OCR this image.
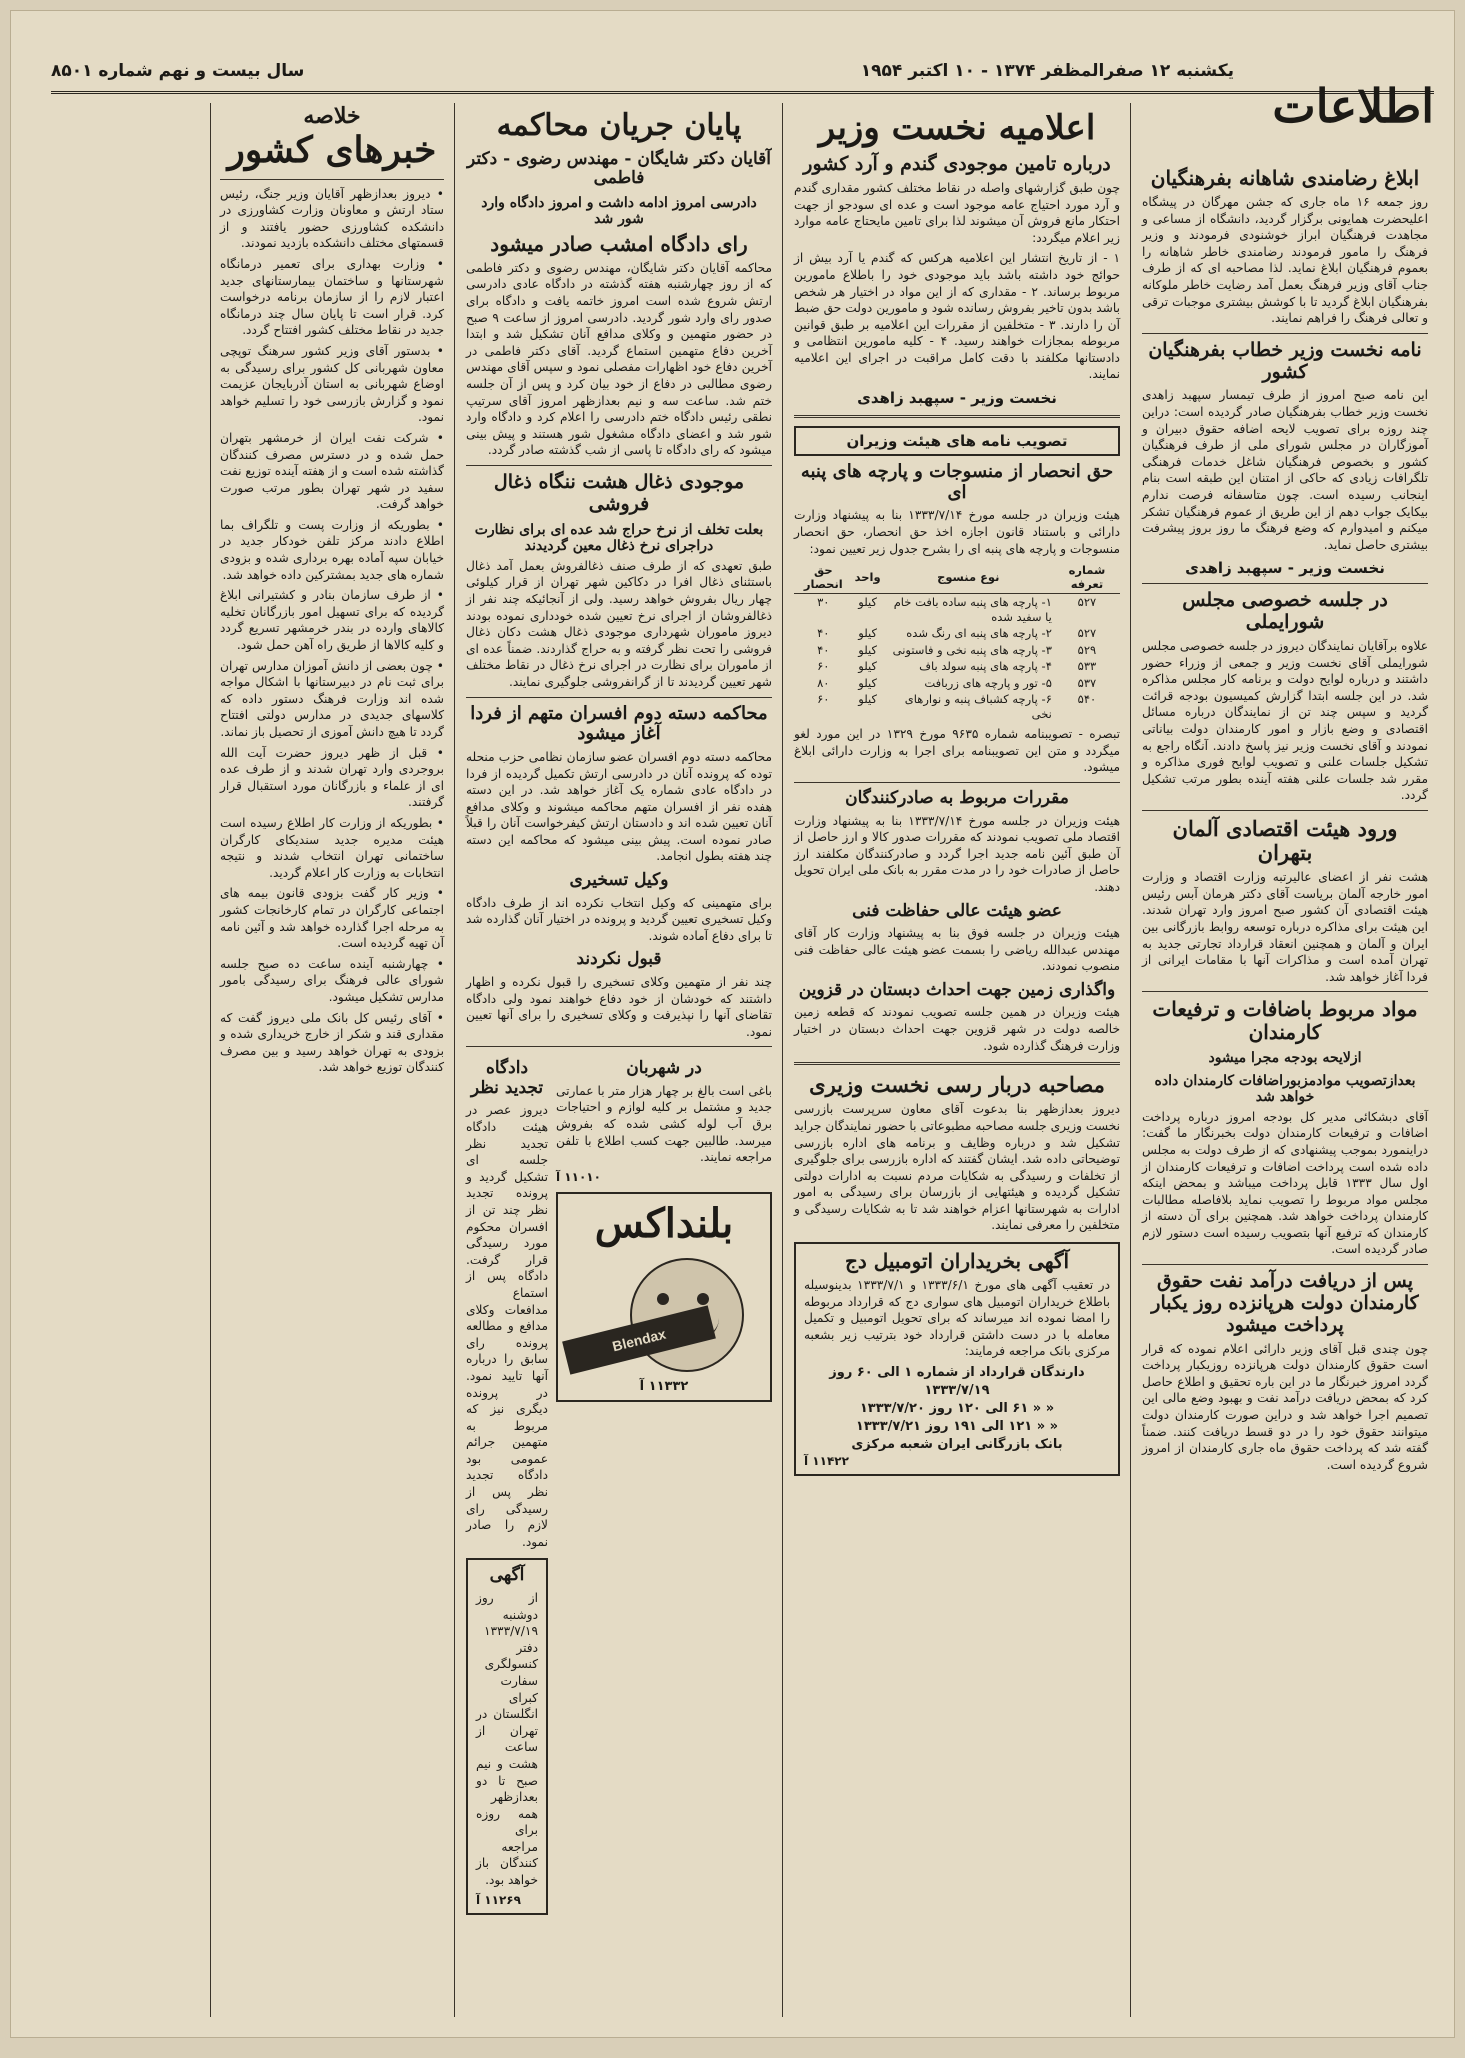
اطلاعات
یکشنبه ۱۲ صفرالمظفر ۱۳۷۴ - ۱۰ اکتبر ۱۹۵۴
سال بیست و نهم شماره ۸۵۰۱
ابلاغ رضامندی شاهانه بفرهنگیان

روز جمعه ۱۶ ماه جاری که جشن مهرگان در پیشگاه اعلیحضرت همایونی برگزار گردید، دانشگاه از مساعی و مجاهدت فرهنگیان ابراز خوشنودی فرمودند و وزیر فرهنگ را مامور فرمودند رضامندی خاطر شاهانه را بعموم فرهنگیان ابلاغ نماید. لذا مصاحبه ای که از طرف جناب آقای وزیر فرهنگ بعمل آمد رضایت خاطر ملوکانه بفرهنگیان ابلاغ گردید تا با کوشش بیشتری موجبات ترقی و تعالی فرهنگ را فراهم نمایند.

نامه نخست وزیر خطاب بفرهنگیان کشور

این نامه صبح امروز از طرف تیمسار سپهبد زاهدی نخست وزیر خطاب بفرهنگیان صادر گردیده است: دراین چند روزه برای تصویب لایحه اضافه حقوق دبیران و آموزگاران در مجلس شورای ملی از طرف فرهنگیان کشور و بخصوص فرهنگیان شاغل خدمات فرهنگی تلگرافات زیادی که حاکی از امتنان این طبقه است بنام اینجانب رسیده است. چون متاسفانه فرصت ندارم بیکایک جواب دهم از این طریق از عموم فرهنگیان تشکر میکنم و امیدوارم که وضع فرهنگ ما روز بروز پیشرفت بیشتری حاصل نماید.

نخست وزیر - سپهبد زاهدی
در جلسه خصوصی مجلس شورایملی

علاوه برآقایان نمایندگان دیروز در جلسه خصوصی مجلس شورایملی آقای نخست وزیر و جمعی از وزراء حضور داشتند و درباره لوایح دولت و برنامه کار مجلس مذاکره شد. در این جلسه ابتدا گزارش کمیسیون بودجه قرائت گردید و سپس چند تن از نمایندگان درباره مسائل اقتصادی و وضع بازار و امور کارمندان دولت بیاناتی نمودند و آقای نخست وزیر نیز پاسخ دادند. آنگاه راجع به تشکیل جلسات علنی و تصویب لوایح فوری مذاکره و مقرر شد جلسات علنی هفته آینده بطور مرتب تشکیل گردد.

ورود هیئت اقتصادی آلمان بتهران

هشت نفر از اعضای عالیرتبه وزارت اقتصاد و وزارت امور خارجه آلمان بریاست آقای دکتر هرمان آبس رئیس هیئت اقتصادی آن کشور صبح امروز وارد تهران شدند. این هیئت برای مذاکره درباره توسعه روابط بازرگانی بین ایران و آلمان و همچنین انعقاد قرارداد تجارتی جدید به تهران آمده است و مذاکرات آنها با مقامات ایرانی از فردا آغاز خواهد شد.

مواد مربوط باضافات و ترفیعات کارمندان
ازلایحه بودجه مجرا میشود
بعدازتصویب موادمزبوراضافات کارمندان داده خواهد شد

آقای دبشکائی مدیر کل بودجه امروز درباره پرداخت اضافات و ترفیعات کارمندان دولت بخبرنگار ما گفت: دراینمورد بموجب پیشنهادی که از طرف دولت به مجلس داده شده است پرداخت اضافات و ترفیعات کارمندان از اول سال ۱۳۳۳ قابل پرداخت میباشد و بمحض اینکه مجلس مواد مربوط را تصویب نماید بلافاصله مطالبات کارمندان پرداخت خواهد شد. همچنین برای آن دسته از کارمندان که ترفیع آنها بتصویب رسیده است دستور لازم صادر گردیده است.

پس از دریافت درآمد نفت حقوق کارمندان دولت هرپانزده روز یکبار پرداخت میشود

چون چندی قبل آقای وزیر دارائی اعلام نموده که قرار است حقوق کارمندان دولت هرپانزده روزیکبار پرداخت گردد امروز خبرنگار ما در این باره تحقیق و اطلاع حاصل کرد که بمحض دریافت درآمد نفت و بهبود وضع مالی این تصمیم اجرا خواهد شد و دراین صورت کارمندان دولت میتوانند حقوق خود را در دو قسط دریافت کنند. ضمناً گفته شد که پرداخت حقوق ماه جاری کارمندان از امروز شروع گردیده است.

اعلامیه نخست وزیر
درباره تامین موجودی گندم و آرد کشور

چون طبق گزارشهای واصله در نقاط مختلف کشور مقداری گندم و آرد مورد احتیاج عامه موجود است و عده ای سودجو از جهت احتکار مانع فروش آن میشوند لذا برای تامین مایحتاج عامه موارد زیر اعلام میگردد:

۱ - از تاریخ انتشار این اعلامیه هرکس که گندم یا آرد بیش از حوائج خود داشته باشد باید موجودی خود را باطلاع مامورین مربوط برساند. ۲ - مقداری که از این مواد در اختیار هر شخص باشد بدون تاخیر بفروش رسانده شود و مامورین دولت حق ضبط آن را دارند. ۳ - متخلفین از مقررات این اعلامیه بر طبق قوانین مربوطه بمجازات خواهند رسید. ۴ - کلیه مامورین انتظامی و دادستانها مکلفند با دقت کامل مراقبت در اجرای این اعلامیه نمایند.

نخست وزیر - سپهبد زاهدی
تصویب نامه های هیئت وزیران
حق انحصار از منسوجات و پارچه های پنبه ای

هیئت وزیران در جلسه مورخ ۱۳۳۳/۷/۱۴ بنا به پیشنهاد وزارت دارائی و باستناد قانون اجازه اخذ حق انحصار، حق انحصار منسوجات و پارچه های پنبه ای را بشرح جدول زیر تعیین نمود:

شماره تعرفه	نوع منسوج	واحد	حق انحصار
۵۲۷	۱- پارچه های پنبه ساده بافت خام یا سفید شده	کیلو	۳۰
۵۲۷	۲- پارچه های پنبه ای رنگ شده	کیلو	۴۰
۵۲۹	۳- پارچه های پنبه نخی و فاستونی	کیلو	۴۰
۵۳۳	۴- پارچه های پنبه سولد باف	کیلو	۶۰
۵۳۷	۵- تور و پارچه های زربافت	کیلو	۸۰
۵۴۰	۶- پارچه کشباف پنبه و نوارهای نخی	کیلو	۶۰

تبصره - تصویبنامه شماره ۹۶۳۵ مورخ ۱۳۲۹ در این مورد لغو میگردد و متن این تصویبنامه برای اجرا به وزارت دارائی ابلاغ میشود.

مقررات مربوط به صادرکنندگان

هیئت وزیران در جلسه مورخ ۱۳۳۳/۷/۱۴ بنا به پیشنهاد وزارت اقتصاد ملی تصویب نمودند که مقررات صدور کالا و ارز حاصل از آن طبق آئین نامه جدید اجرا گردد و صادرکنندگان مکلفند ارز حاصل از صادرات خود را در مدت مقرر به بانک ملی ایران تحویل دهند.

عضو هیئت عالی حفاظت فنی

هیئت وزیران در جلسه فوق بنا به پیشنهاد وزارت کار آقای مهندس عبدالله ریاضی را بسمت عضو هیئت عالی حفاظت فنی منصوب نمودند.

واگذاری زمین جهت احداث دبستان در قزوین

هیئت وزیران در همین جلسه تصویب نمودند که قطعه زمین خالصه دولت در شهر قزوین جهت احداث دبستان در اختیار وزارت فرهنگ گذارده شود.

مصاحبه دربار رسی نخست وزیری

دیروز بعدازظهر بنا بدعوت آقای معاون سرپرست بازرسی نخست وزیری جلسه مصاحبه مطبوعاتی با حضور نمایندگان جراید تشکیل شد و درباره وظایف و برنامه های اداره بازرسی توضیحاتی داده شد. ایشان گفتند که اداره بازرسی برای جلوگیری از تخلفات و رسیدگی به شکایات مردم نسبت به ادارات دولتی تشکیل گردیده و هیئتهایی از بازرسان برای رسیدگی به امور ادارات به شهرستانها اعزام خواهند شد تا به شکایات رسیدگی و متخلفین را معرفی نمایند.

آگهی بخریداران اتومبیل دج

در تعقیب آگهی های مورخ ۱۳۳۳/۶/۱ و ۱۳۳۳/۷/۱ بدینوسیله باطلاع خریداران اتومبیل های سواری دج که قرارداد مربوطه را امضا نموده اند میرساند که برای تحویل اتومبیل و تکمیل معامله با در دست داشتن قرارداد خود بترتیب زیر بشعبه مرکزی بانک مراجعه فرمایند:

دارندگان قرارداد از شماره ۱ الی ۶۰ روز ۱۳۳۳/۷/۱۹
« « ۶۱ الی ۱۲۰ روز ۱۳۳۳/۷/۲۰
« « ۱۲۱ الی ۱۹۱ روز ۱۳۳۳/۷/۲۱
بانک بازرگانی ایران شعبه مرکزی
۱۱۴۲۲ آ
پایان جریان محاکمه
آقایان دکتر شایگان - مهندس رضوی - دکتر فاطمی
دادرسی امروز ادامه داشت و امروز دادگاه وارد شور شد
رای دادگاه امشب صادر میشود

محاکمه آقایان دکتر شایگان، مهندس رضوی و دکتر فاطمی که از روز چهارشنبه هفته گذشته در دادگاه عادی دادرسی ارتش شروع شده است امروز خاتمه یافت و دادگاه برای صدور رای وارد شور گردید. دادرسی امروز از ساعت ۹ صبح در حضور متهمین و وکلای مدافع آنان تشکیل شد و ابتدا آخرین دفاع متهمین استماع گردید. آقای دکتر فاطمی در آخرین دفاع خود اظهارات مفصلی نمود و سپس آقای مهندس رضوی مطالبی در دفاع از خود بیان کرد و پس از آن جلسه ختم شد. ساعت سه و نیم بعدازظهر امروز آقای سرتیپ نطقی رئیس دادگاه ختم دادرسی را اعلام کرد و دادگاه وارد شور شد و اعضای دادگاه مشغول شور هستند و پیش بینی میشود که رای دادگاه تا پاسی از شب گذشته صادر گردد.

موجودی ذغال هشت ننگاه ذغال فروشی
بعلت تخلف از نرخ حراج شد عده ای برای نظارت دراجرای نرخ ذغال معین گردیدند

طبق تعهدی که از طرف صنف ذغالفروش بعمل آمد ذغال باستثنای ذغال افرا در دکاکین شهر تهران از قرار کیلوئی چهار ریال بفروش خواهد رسید. ولی از آنجائیکه چند نفر از ذغالفروشان از اجرای نرخ تعیین شده خودداری نموده بودند دیروز ماموران شهرداری موجودی ذغال هشت دکان ذغال فروشی را تحت نظر گرفته و به حراج گذاردند. ضمناً عده ای از ماموران برای نظارت در اجرای نرخ ذغال در نقاط مختلف شهر تعیین گردیدند تا از گرانفروشی جلوگیری نمایند.

محاکمه دسته دوم افسران متهم از فردا آغاز میشود

محاکمه دسته دوم افسران عضو سازمان نظامی حزب منحله توده که پرونده آنان در دادرسی ارتش تکمیل گردیده از فردا در دادگاه عادی شماره یک آغاز خواهد شد. در این دسته هفده نفر از افسران متهم محاکمه میشوند و وکلای مدافع آنان تعیین شده اند و دادستان ارتش کیفرخواست آنان را قبلاً صادر نموده است. پیش بینی میشود که محاکمه این دسته چند هفته بطول انجامد.

وکیل تسخیری

برای متهمینی که وکیل انتخاب نکرده اند از طرف دادگاه وکیل تسخیری تعیین گردید و پرونده در اختیار آنان گذارده شد تا برای دفاع آماده شوند.

قبول نکردند

چند نفر از متهمین وکلای تسخیری را قبول نکرده و اظهار داشتند که خودشان از خود دفاع خواهند نمود ولی دادگاه تقاضای آنها را نپذیرفت و وکلای تسخیری را برای آنها تعیین نمود.

در شهربان

باغی است بالغ بر چهار هزار متر با عمارتی جدید و مشتمل بر کلیه لوازم و احتیاجات برق آب لوله کشی شده که بفروش میرسد. طالبین جهت کسب اطلاع با تلفن مراجعه نمایند.

۱۱۰۱۰ آ
بلنداکس
Blendax
۱۱۳۳۲ آ
دادگاه تجدید نظر

دیروز عصر در هیئت دادگاه تجدید نظر جلسه ای تشکیل گردید و پرونده تجدید نظر چند تن از افسران محکوم مورد رسیدگی قرار گرفت. دادگاه پس از استماع مدافعات وکلای مدافع و مطالعه پرونده رای سابق را درباره آنها تایید نمود. در پرونده دیگری نیز که مربوط به متهمین جرائم عمومی بود دادگاه تجدید نظر پس از رسیدگی رای لازم را صادر نمود.

آگهی

از روز دوشنبه ۱۳۳۳/۷/۱۹ دفتر کنسولگری سفارت کبرای انگلستان در تهران از ساعت هشت و نیم صبح تا دو بعدازظهر همه روزه برای مراجعه کنندگان باز خواهد بود.

۱۱۲۶۹ آ
خلاصه
خبرهای کشور

• دیروز بعدازظهر آقایان وزیر جنگ، رئیس ستاد ارتش و معاونان وزارت کشاورزی در دانشکده کشاورزی حضور یافتند و از قسمتهای مختلف دانشکده بازدید نمودند.

• وزارت بهداری برای تعمیر درمانگاه شهرستانها و ساختمان بیمارستانهای جدید اعتبار لازم را از سازمان برنامه درخواست کرد. قرار است تا پایان سال چند درمانگاه جدید در نقاط مختلف کشور افتتاح گردد.

• بدستور آقای وزیر کشور سرهنگ توپچی معاون شهربانی کل کشور برای رسیدگی به اوضاع شهربانی به استان آذربایجان عزیمت نمود و گزارش بازرسی خود را تسلیم خواهد نمود.

• شرکت نفت ایران از خرمشهر بتهران حمل شده و در دسترس مصرف کنندگان گذاشته شده است و از هفته آینده توزیع نفت سفید در شهر تهران بطور مرتب صورت خواهد گرفت.

• بطوریکه از وزارت پست و تلگراف بما اطلاع دادند مرکز تلفن خودکار جدید در خیابان سپه آماده بهره برداری شده و بزودی شماره های جدید بمشترکین داده خواهد شد.

• از طرف سازمان بنادر و کشتیرانی ابلاغ گردیده که برای تسهیل امور بازرگانان تخلیه کالاهای وارده در بندر خرمشهر تسریع گردد و کلیه کالاها از طریق راه آهن حمل شود.

• چون بعضی از دانش آموزان مدارس تهران برای ثبت نام در دبیرستانها با اشکال مواجه شده اند وزارت فرهنگ دستور داده که کلاسهای جدیدی در مدارس دولتی افتتاح گردد تا هیچ دانش آموزی از تحصیل باز نماند.

• قبل از ظهر دیروز حضرت آیت الله بروجردی وارد تهران شدند و از طرف عده ای از علماء و بازرگانان مورد استقبال قرار گرفتند.

• بطوریکه از وزارت کار اطلاع رسیده است هیئت مدیره جدید سندیکای کارگران ساختمانی تهران انتخاب شدند و نتیجه انتخابات به وزارت کار اعلام گردید.

• وزیر کار گفت بزودی قانون بیمه های اجتماعی کارگران در تمام کارخانجات کشور به مرحله اجرا گذارده خواهد شد و آئین نامه آن تهیه گردیده است.

• چهارشنبه آینده ساعت ده صبح جلسه شورای عالی فرهنگ برای رسیدگی بامور مدارس تشکیل میشود.

• آقای رئیس کل بانک ملی دیروز گفت که مقداری قند و شکر از خارج خریداری شده و بزودی به تهران خواهد رسید و بین مصرف کنندگان توزیع خواهد شد.
